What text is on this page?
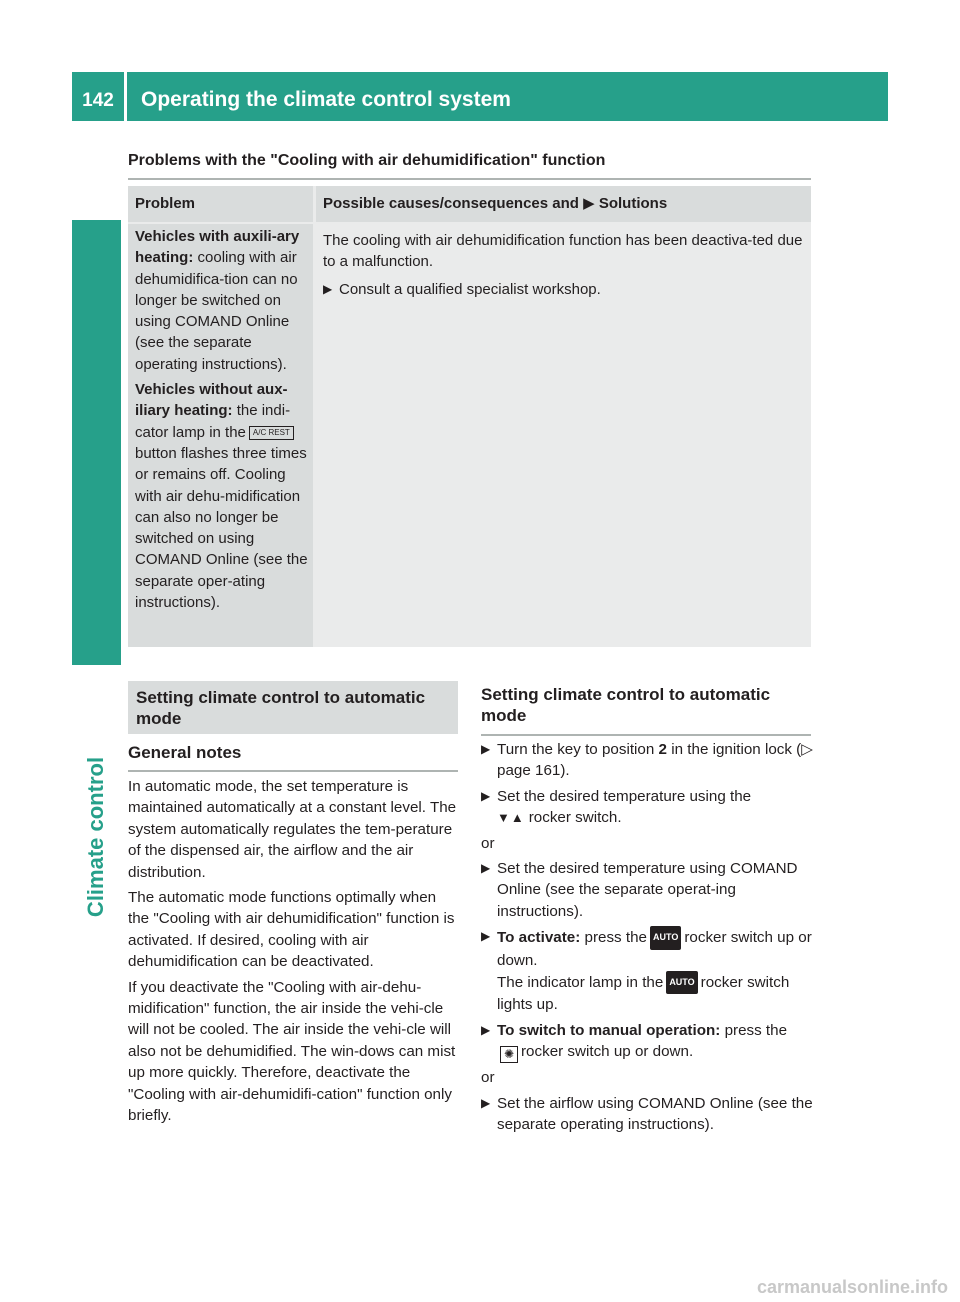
142	Operating the climate control system
Climate control
Problems with the "Cooling with air dehumidification" function
Problem	Possible causes/consequences and ▶ Solutions

Vehicles with auxili-ary heating: cooling with air dehumidifica-tion can no longer be switched on using COMAND Online (see the separate operating instructions).

Vehicles without aux-iliary heating: the indi-cator lamp in the A/C REST button flashes three times or remains off. Cooling with air dehu-midification can also no longer be switched on using COMAND Online (see the separate oper-ating instructions).

The cooling with air dehumidification function has been deactiva-ted due to a malfunction.

▶ Consult a qualified specialist workshop.
Setting climate control to automatic mode
General notes

In automatic mode, the set temperature is maintained automatically at a constant level. The system automatically regulates the tem-perature of the dispensed air, the airflow and the air distribution.

The automatic mode functions optimally when the "Cooling with air dehumidification" function is activated. If desired, cooling with air dehumidification can be deactivated.

If you deactivate the "Cooling with air-dehu-midification" function, the air inside the vehi-cle will not be cooled. The air inside the vehi-cle will also not be dehumidified. The win-dows can mist up more quickly. Therefore, deactivate the "Cooling with air-dehumidifi-cation" function only briefly.

Setting climate control to automatic mode
▶ Turn the key to position 2 in the ignition lock (▷ page 161).
▶ Set the desired temperature using the
▼▲ rocker switch.
or
▶ Set the desired temperature using COMAND Online (see the separate operat-ing instructions).
▶ To activate: press the AUTO rocker switch up or down.
The indicator lamp in the AUTO rocker switch lights up.
▶ To switch to manual operation: press the
✺ rocker switch up or down.
or
▶ Set the airflow using COMAND Online (see the separate operating instructions).
carmanualsonline.info
